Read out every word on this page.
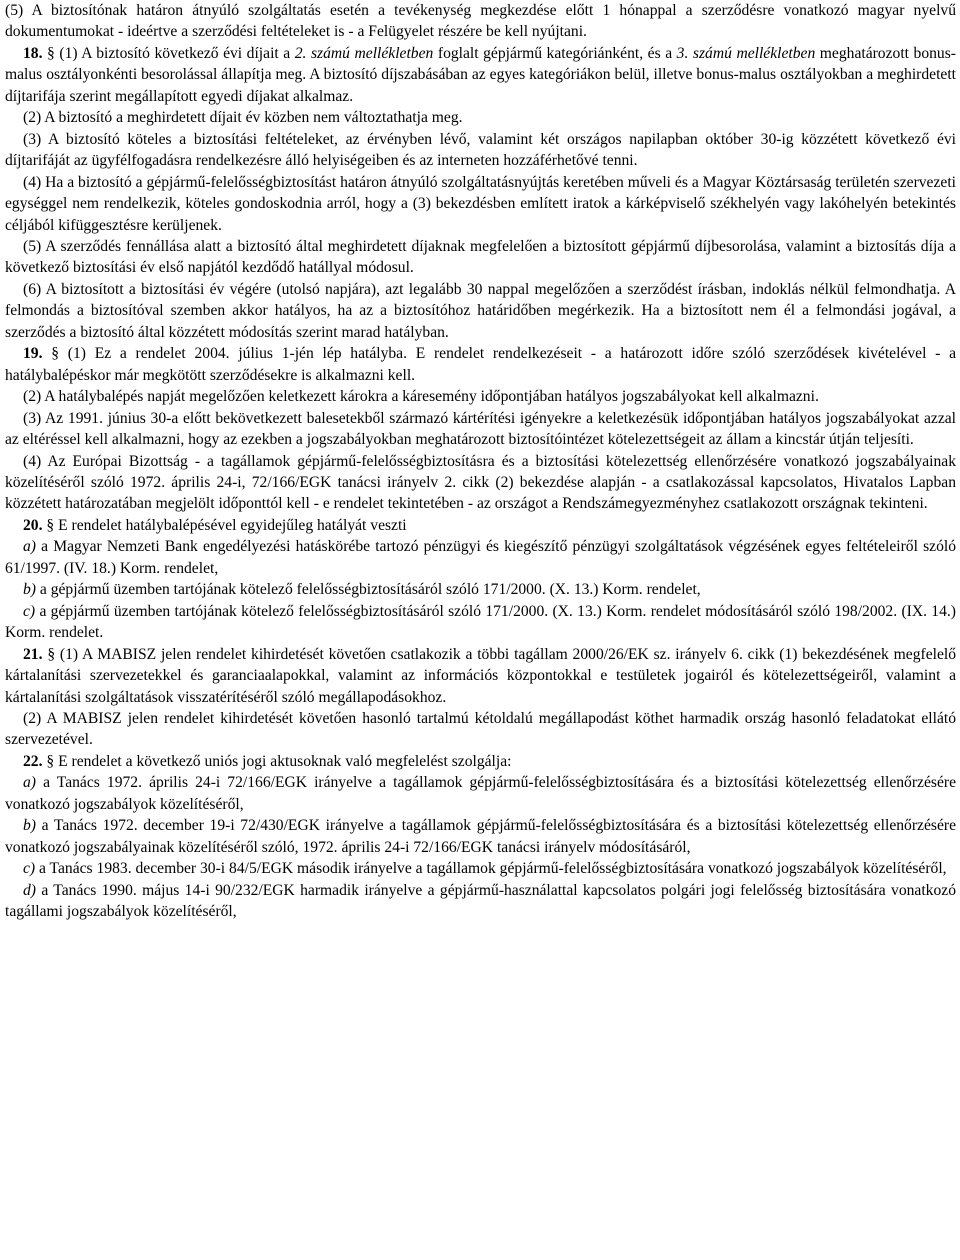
(5) A biztosítónak határon átnyúló szolgáltatás esetén a tevékenység megkezdése előtt 1 hónappal a szerződésre vonatkozó magyar nyelvű dokumentumokat - ideértve a szerződési feltételeket is - a Felügyelet részére be kell nyújtani.

18. § (1) A biztosító következő évi díjait a 2. számú mellékletben foglalt gépjármű kategóriánként, és a 3. számú mellékletben meghatározott bonus-malus osztályonkénti besorolással állapítja meg. A biztosító díjszabásában az egyes kategóriákon belül, illetve bonus-malus osztályokban a meghirdetett díjtarifája szerint megállapított egyedi díjakat alkalmaz.

(2) A biztosító a meghirdetett díjait év közben nem változtathatja meg.

(3) A biztosító köteles a biztosítási feltételeket, az érvényben lévő, valamint két országos napilapban október 30-ig közzétett következő évi díjtarifáját az ügyfélfogadásra rendelkezésre álló helyiségeiben és az interneten hozzáférhetővé tenni.

(4) Ha a biztosító a gépjármű-felelősségbiztosítást határon átnyúló szolgáltatásnyújtás keretében műveli és a Magyar Köztársaság területén szervezeti egységgel nem rendelkezik, köteles gondoskodnia arról, hogy a (3) bekezdésben említett iratok a kárképviselő székhelyén vagy lakóhelyén betekintés céljából kifüggesztésre kerüljenek.

(5) A szerződés fennállása alatt a biztosító által meghirdetett díjaknak megfelelően a biztosított gépjármű díjbesorolása, valamint a biztosítás díja a következő biztosítási év első napjától kezdődő hatállyal módosul.

(6) A biztosított a biztosítási év végére (utolsó napjára), azt legalább 30 nappal megelőzően a szerződést írásban, indoklás nélkül felmondhatja. A felmondás a biztosítóval szemben akkor hatályos, ha az a biztosítóhoz határidőben megérkezik. Ha a biztosított nem él a felmondási jogával, a szerződés a biztosító által közzétett módosítás szerint marad hatályban.

19. § (1) Ez a rendelet 2004. július 1-jén lép hatályba. E rendelet rendelkezéseit - a határozott időre szóló szerződések kivételével - a hatálybalépéskor már megkötött szerződésekre is alkalmazni kell.

(2) A hatálybalépés napját megelőzően keletkezett károkra a káresemény időpontjában hatályos jogszabályokat kell alkalmazni.

(3) Az 1991. június 30-a előtt bekövetkezett balesetekből származó kártérítési igényekre a keletkezésük időpontjában hatályos jogszabályokat azzal az eltéréssel kell alkalmazni, hogy az ezekben a jogszabályokban meghatározott biztosítóintézet kötelezettségeit az állam a kincstár útján teljesíti.

(4) Az Európai Bizottság - a tagállamok gépjármű-felelősségbiztosításra és a biztosítási kötelezettség ellenőrzésére vonatkozó jogszabályainak közelítéséről szóló 1972. április 24-i, 72/166/EGK tanácsi irányelv 2. cikk (2) bekezdése alapján - a csatlakozással kapcsolatos, Hivatalos Lapban közzétett határozatában megjelölt időponttól kell - e rendelet tekintetében - az országot a Rendszámegyezményhez csatlakozott országnak tekinteni.

20. § E rendelet hatálybalépésével egyidejűleg hatályát veszti

a) a Magyar Nemzeti Bank engedélyezési hatáskörébe tartozó pénzügyi és kiegészítő pénzügyi szolgáltatások végzésének egyes feltételeiről szóló 61/1997. (IV. 18.) Korm. rendelet,

b) a gépjármű üzemben tartójának kötelező felelősségbiztosításáról szóló 171/2000. (X. 13.) Korm. rendelet,

c) a gépjármű üzemben tartójának kötelező felelősségbiztosításáról szóló 171/2000. (X. 13.) Korm. rendelet módosításáról szóló 198/2002. (IX. 14.) Korm. rendelet.

21. § (1) A MABISZ jelen rendelet kihirdetését követően csatlakozik a többi tagállam 2000/26/EK sz. irányelv 6. cikk (1) bekezdésének megfelelő kártalanítási szervezetekkel és garanciaalapokkal, valamint az információs központokkal e testületek jogairól és kötelezettségeiről, valamint a kártalanítási szolgáltatások visszatérítéséről szóló megállapodásokhoz.

(2) A MABISZ jelen rendelet kihirdetését követően hasonló tartalmú kétoldalú megállapodást köthet harmadik ország hasonló feladatokat ellátó szervezetével.

22. § E rendelet a következő uniós jogi aktusoknak való megfelelést szolgálja:

a) a Tanács 1972. április 24-i 72/166/EGK irányelve a tagállamok gépjármű-felelősségbiztosítására és a biztosítási kötelezettség ellenőrzésére vonatkozó jogszabályok közelítéséről,

b) a Tanács 1972. december 19-i 72/430/EGK irányelve a tagállamok gépjármű-felelősségbiztosítására és a biztosítási kötelezettség ellenőrzésére vonatkozó jogszabályainak közelítéséről szóló, 1972. április 24-i 72/166/EGK tanácsi irányelv módosításáról,

c) a Tanács 1983. december 30-i 84/5/EGK második irányelve a tagállamok gépjármű-felelősségbiztosítására vonatkozó jogszabályok közelítéséről,

d) a Tanács 1990. május 14-i 90/232/EGK harmadik irányelve a gépjármű-használattal kapcsolatos polgári jogi felelősség biztosítására vonatkozó tagállami jogszabályok közelítéséről,
